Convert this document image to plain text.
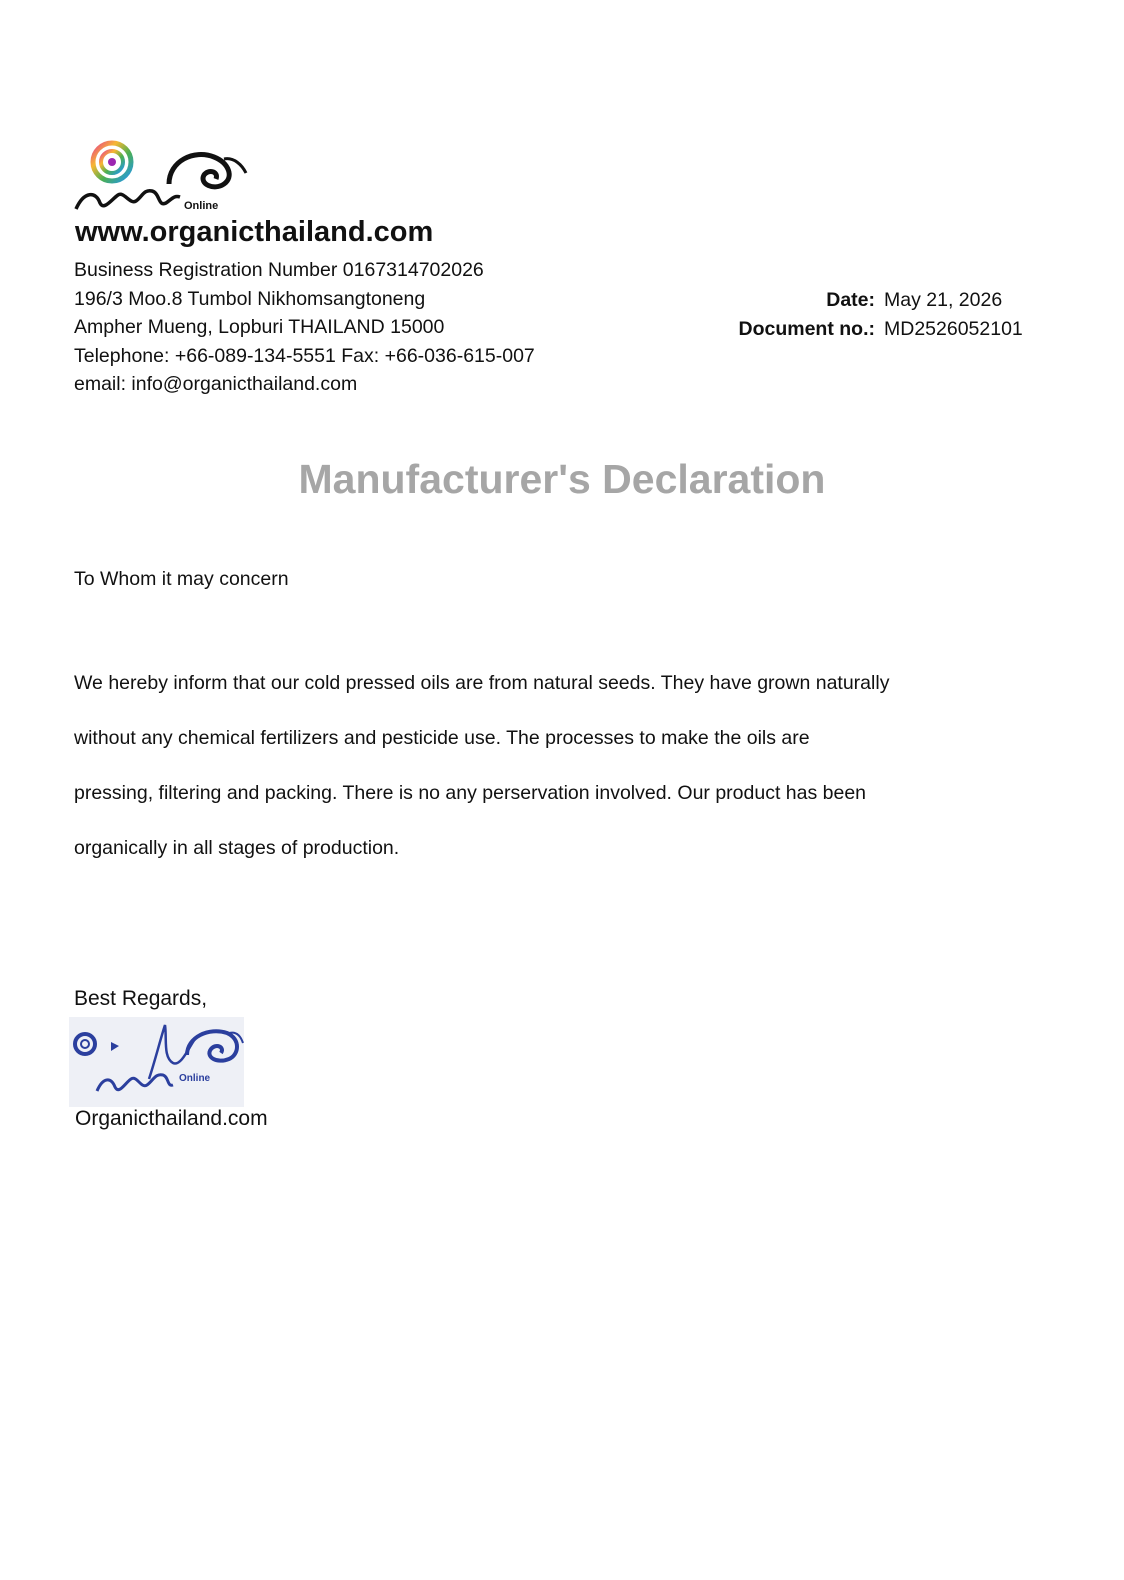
Online
www.organicthailand.com
Business Registration Number 0167314702026
196/3 Moo.8 Tumbol Nikhomsangtoneng
Ampher Mueng, Lopburi THAILAND 15000
Telephone: +66-089-134-5551 Fax: +66-036-615-007
email: info@organicthailand.com
Date: May 21, 2026
Document no.: MD2526052101
Manufacturer's Declaration
To Whom it may concern
We hereby inform that our cold pressed oils are from natural seeds. They have grown naturally
without any chemical fertilizers and pesticide use. The processes to make the oils are
pressing, filtering and packing. There is no any perservation involved. Our product has been
organically in all stages of production.
Best Regards,
Online
Organicthailand.com
